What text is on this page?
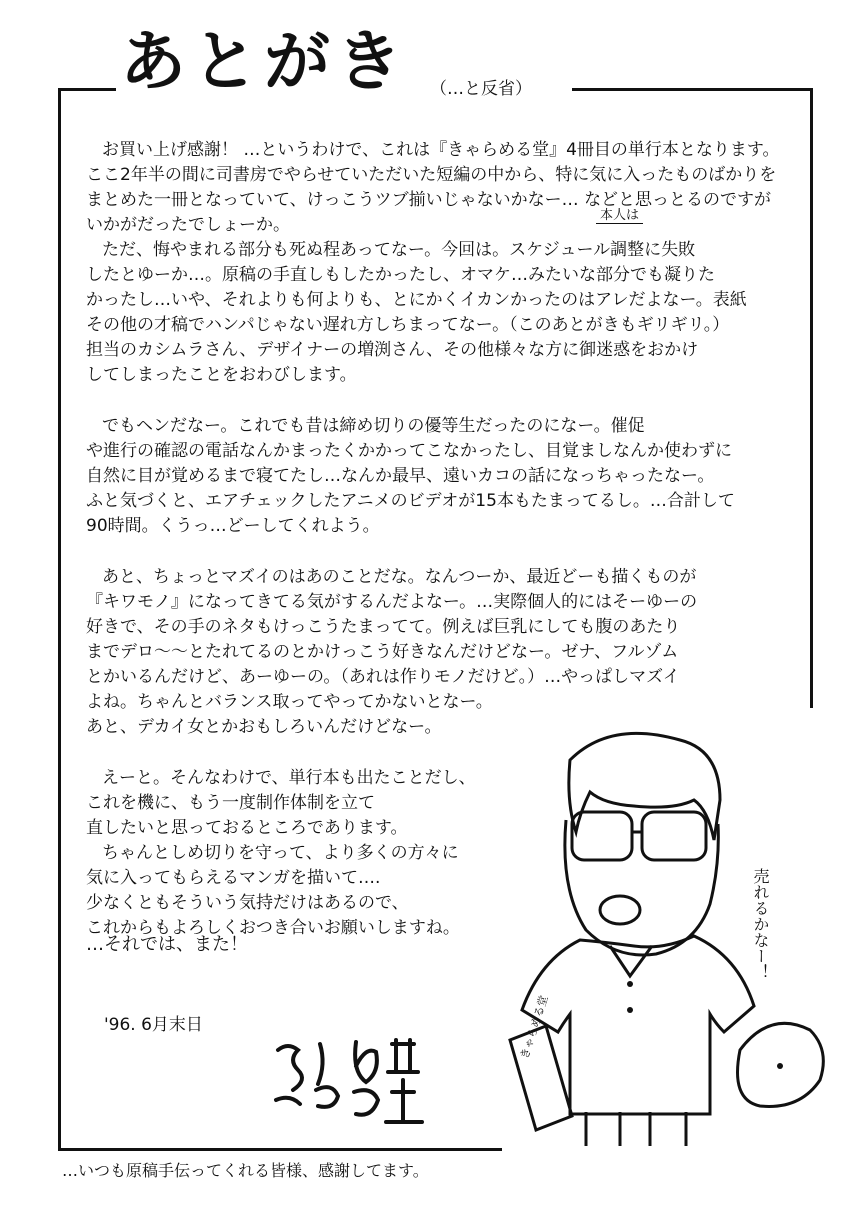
あとがき （…と反省）
お買い上げ感謝！ …というわけで、これは『きゃらめる堂』4冊目の単行本となります。
ここ2年半の間に司書房でやらせていただいた短編の中から、特に気に入ったものばかりを
まとめた一冊となっていて、けっこうツブ揃いじゃないかなー… などと思っとるのですが
いかがだったでしょーか。
ただ、悔やまれる部分も死ぬ程あってなー。今回は。スケジュール調整に失敗
したとゆーか…。原稿の手直しもしたかったし、オマケ…みたいな部分でも凝りた
かったし…いや、それよりも何よりも、とにかくイカンかったのはアレだよなー。表紙
その他の才稿でハンパじゃない遅れ方しちまってなー。（このあとがきもギリギリ。）
担当のカシムラさん、デザイナーの増渕さん、その他様々な方に御迷惑をおかけ
してしまったことをおわびします。
でもヘンだなー。これでも昔は締め切りの優等生だったのになー。催促
や進行の確認の電話なんかまったくかかってこなかったし、目覚ましなんか使わずに
自然に目が覚めるまで寝てたし…なんか最早、遠いカコの話になっちゃったなー。
ふと気づくと、エアチェックしたアニメのビデオが15本もたまってるし。…合計して
90時間。くうっ…どーしてくれよう。
あと、ちょっとマズイのはあのことだな。なんつーか、最近どーも描くものが
『キワモノ』になってきてる気がするんだよなー。…実際個人的にはそーゆーの
好きで、その手のネタもけっこうたまってて。例えば巨乳にしても腹のあたり
までデロ～～とたれてるのとかけっこう好きなんだけどなー。ゼナ、フルゾム
とかいるんだけど、あーゆーの。（あれは作りモノだけど。）…やっぱしマズイ
よね。ちゃんとバランス取ってやってかないとなー。
あと、デカイ女とかおもしろいんだけどなー。
えーと。そんなわけで、単行本も出たことだし、
これを機に、もう一度制作体制を立て
直したいと思っておるところであります。
ちゃんとしめ切りを守って、より多くの方々に
気に入ってもらえるマンガを描いて….
少なくともそういう気持だけはあるので、
これからもよろしくおつき合いお願いしますね。
本人は
…それでは、また！
'96. 6月末日	きゃらめる堂
売れるかなー！
…いつも原稿手伝ってくれる皆様、感謝してます。
